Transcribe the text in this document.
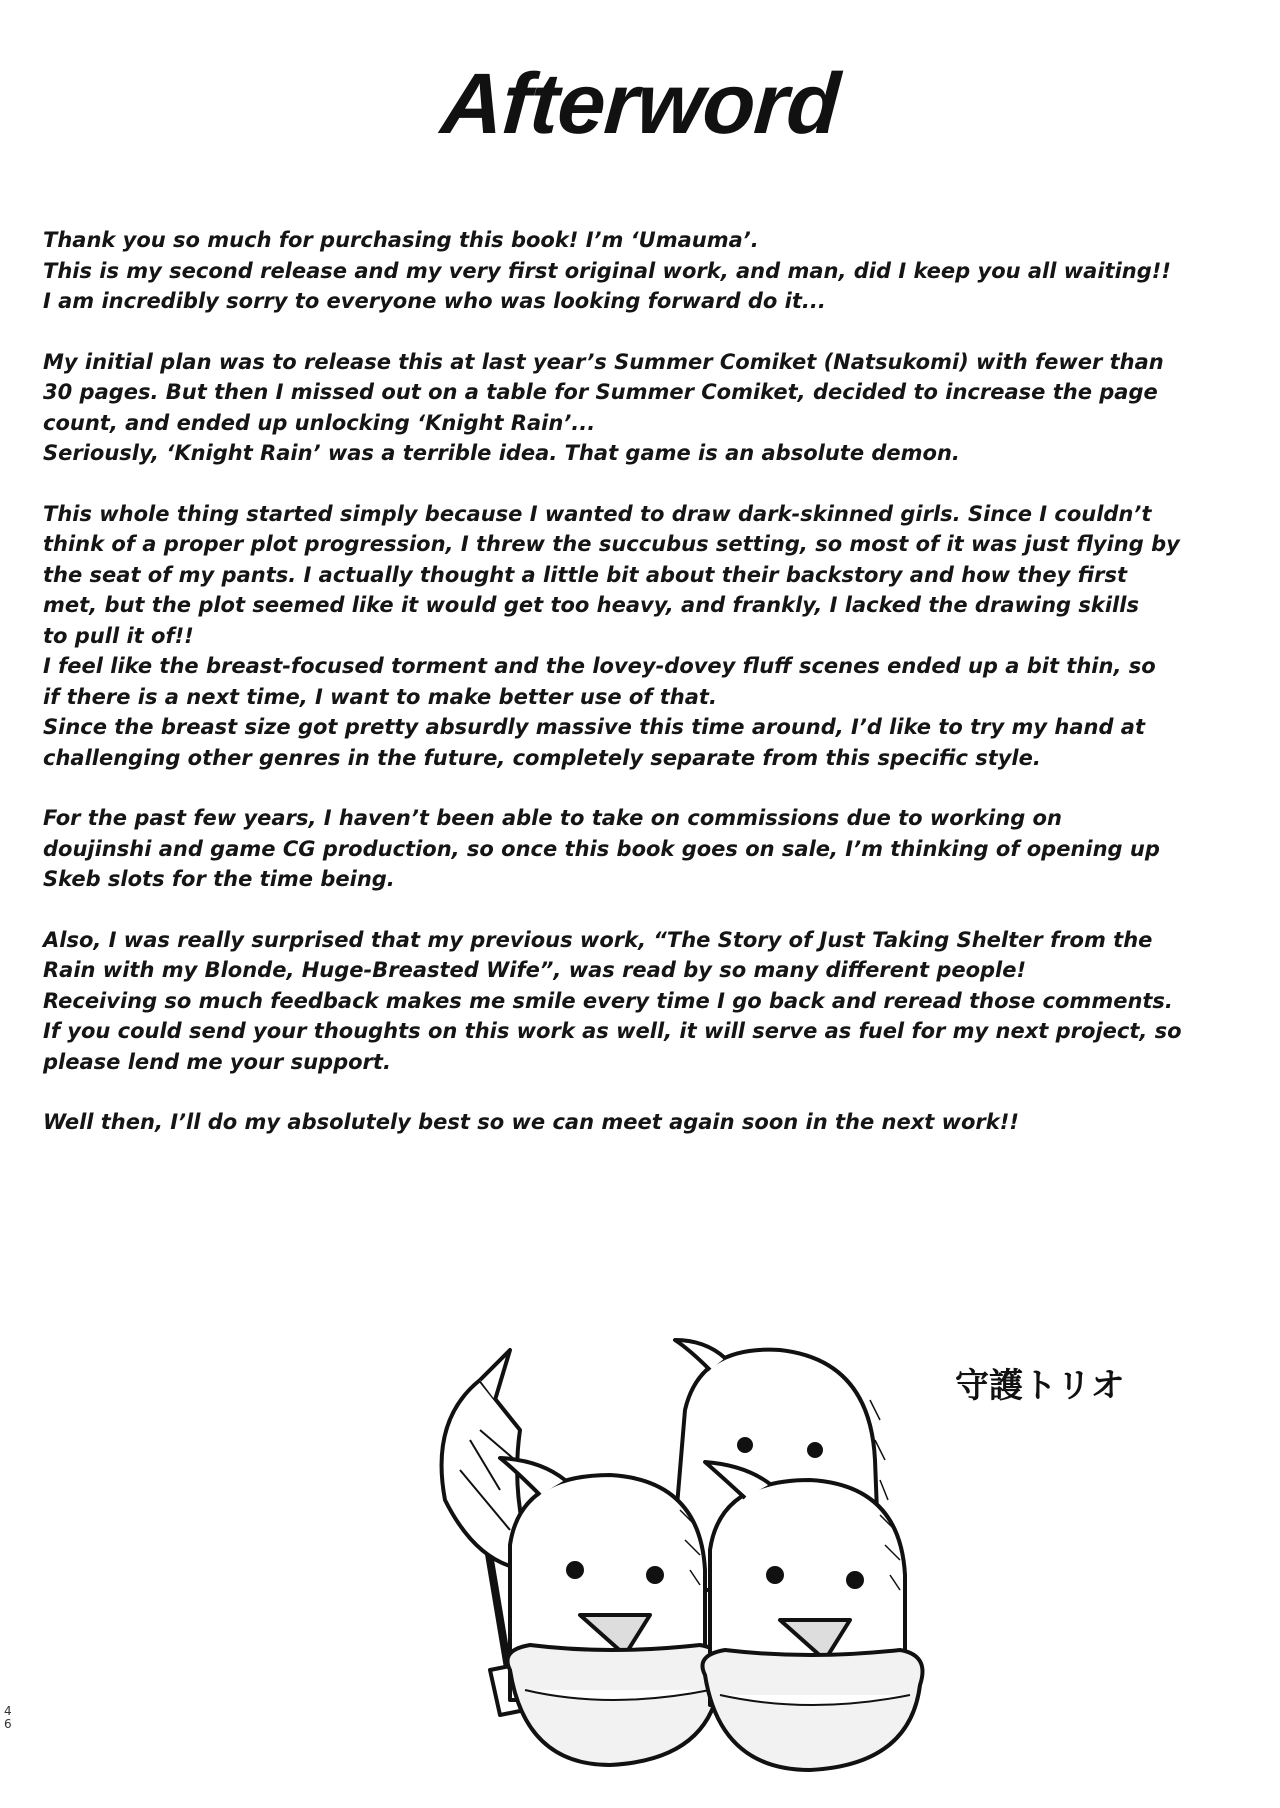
Afterword
Thank you so much for purchasing this book! I’m ‘Umauma’.
This is my second release and my very first original work, and man, did I keep you all waiting!!
I am incredibly sorry to everyone who was looking forward do it...
My initial plan was to release this at last year’s Summer Comiket (Natsukomi) with fewer than
30 pages. But then I missed out on a table for Summer Comiket, decided to increase the page
count, and ended up unlocking ‘Knight Rain’...
Seriously, ‘Knight Rain’ was a terrible idea. That game is an absolute demon.
This whole thing started simply because I wanted to draw dark-skinned girls. Since I couldn’t
think of a proper plot progression, I threw the succubus setting, so most of it was just flying by
the seat of my pants. I actually thought a little bit about their backstory and how they first
met, but the plot seemed like it would get too heavy, and frankly, I lacked the drawing skills
to pull it of!!
I feel like the breast-focused torment and the lovey-dovey fluff scenes ended up a bit thin, so
if there is a next time, I want to make better use of that.
Since the breast size got pretty absurdly massive this time around, I’d like to try my hand at
challenging other genres in the future, completely separate from this specific style.
For the past few years, I haven’t been able to take on commissions due to working on
doujinshi and game CG production, so once this book goes on sale, I’m thinking of opening up
Skeb slots for the time being.
Also, I was really surprised that my previous work, “The Story of Just Taking Shelter from the
Rain with my Blonde, Huge-Breasted Wife”, was read by so many different people!
Receiving so much feedback makes me smile every time I go back and reread those comments.
If you could send your thoughts on this work as well, it will serve as fuel for my next project, so
please lend me your support.
Well then, I’ll do my absolutely best so we can meet again soon in the next work!!
4
6
守護トリオ
